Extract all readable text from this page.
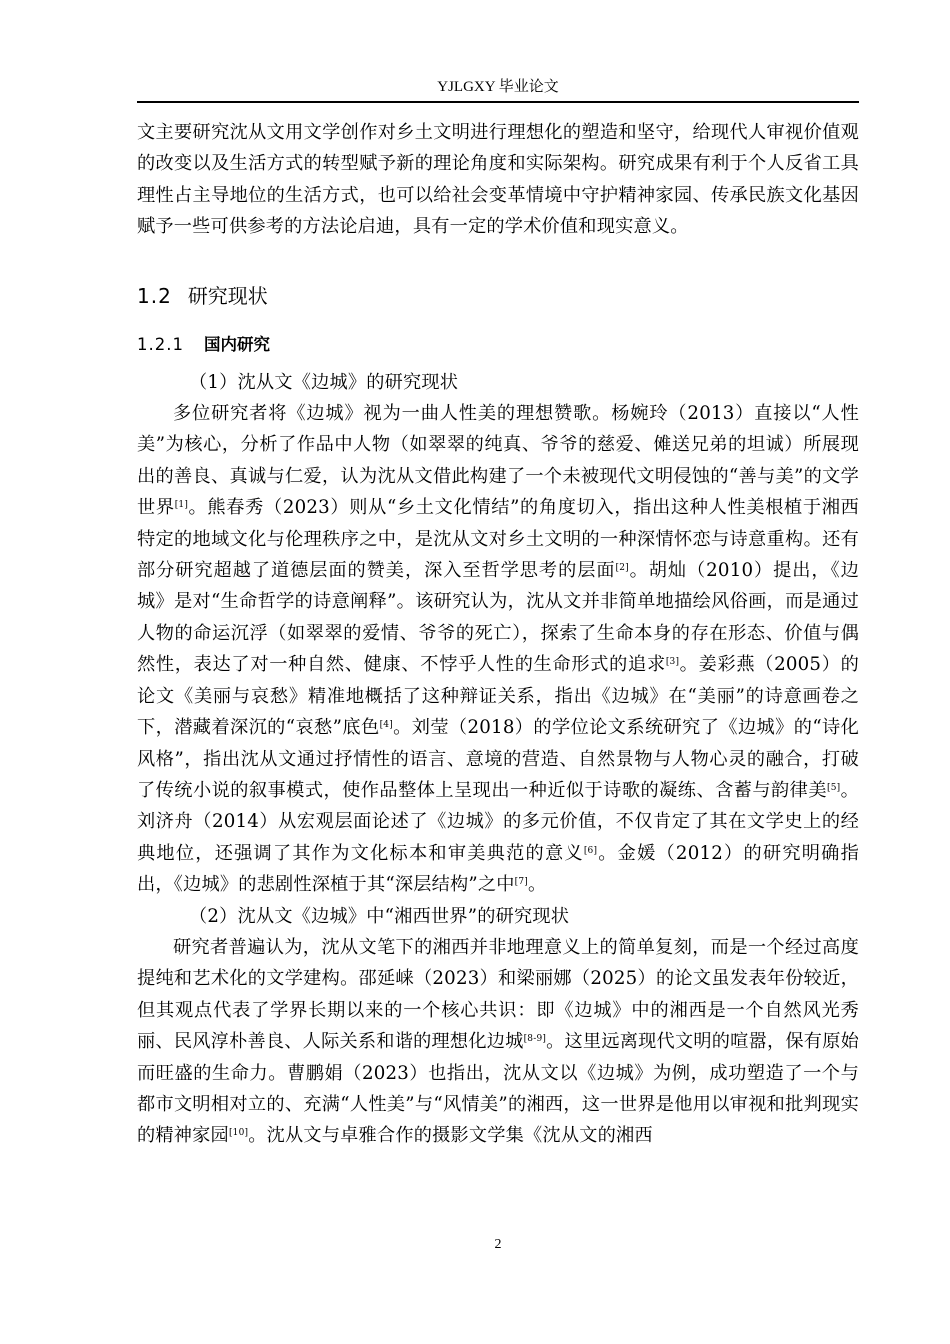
YJLGXY 毕业论文

文主要研究沈从文用文学创作对乡土文明进行理想化的塑造和坚守，给现代人审视价值观的改变以及生活方式的转型赋予新的理论角度和实际架构。研究成果有利于个人反省工具理性占主导地位的生活方式，也可以给社会变革情境中守护精神家园、传承民族文化基因赋予一些可供参考的方法论启迪，具有一定的学术价值和现实意义。

1.2 研究现状
1.2.1 国内研究

（1）沈从文《边城》的研究现状

多位研究者将《边城》视为一曲人性美的理想赞歌。杨婉玲（2013）直接以“人性美”为核心，分析了作品中人物（如翠翠的纯真、爷爷的慈爱、傩送兄弟的坦诚）所展现出的善良、真诚与仁爱，认为沈从文借此构建了一个未被现代文明侵蚀的“善与美”的文学世界[1]。熊春秀（2023）则从“乡土文化情结”的角度切入，指出这种人性美根植于湘西特定的地域文化与伦理秩序之中，是沈从文对乡土文明的一种深情怀恋与诗意重构。还有部分研究超越了道德层面的赞美，深入至哲学思考的层面[2]。胡灿（2010）提出，《边城》是对“生命哲学的诗意阐释”。该研究认为，沈从文并非简单地描绘风俗画，而是通过人物的命运沉浮（如翠翠的爱情、爷爷的死亡），探索了生命本身的存在形态、价值与偶然性，表达了对一种自然、健康、不悖乎人性的生命形式的追求[3]。姜彩燕（2005）的论文《美丽与哀愁》精准地概括了这种辩证关系，指出《边城》在“美丽”的诗意画卷之下，潜藏着深沉的“哀愁”底色[4]。刘莹（2018）的学位论文系统研究了《边城》的“诗化风格”，指出沈从文通过抒情性的语言、意境的营造、自然景物与人物心灵的融合，打破了传统小说的叙事模式，使作品整体上呈现出一种近似于诗歌的凝练、含蓄与韵律美[5]。刘济舟（2014）从宏观层面论述了《边城》的多元价值，不仅肯定了其在文学史上的经典地位，还强调了其作为文化标本和审美典范的意义[6]。金媛（2012）的研究明确指出，《边城》的悲剧性深植于其“深层结构”之中[7]。

（2）沈从文《边城》中“湘西世界”的研究现状

研究者普遍认为，沈从文笔下的湘西并非地理意义上的简单复刻，而是一个经过高度提纯和艺术化的文学建构。邵延崃（2023）和梁丽娜（2025）的论文虽发表年份较近，但其观点代表了学界长期以来的一个核心共识：即《边城》中的湘西是一个自然风光秀丽、民风淳朴善良、人际关系和谐的理想化边城[8-9]。这里远离现代文明的喧嚣，保有原始而旺盛的生命力。曹鹏娟（2023）也指出，沈从文以《边城》为例，成功塑造了一个与都市文明相对立的、充满“人性美”与“风情美”的湘西，这一世界是他用以审视和批判现实的精神家园[10]。沈从文与卓雅合作的摄影文学集《沈从文的湘西

2
